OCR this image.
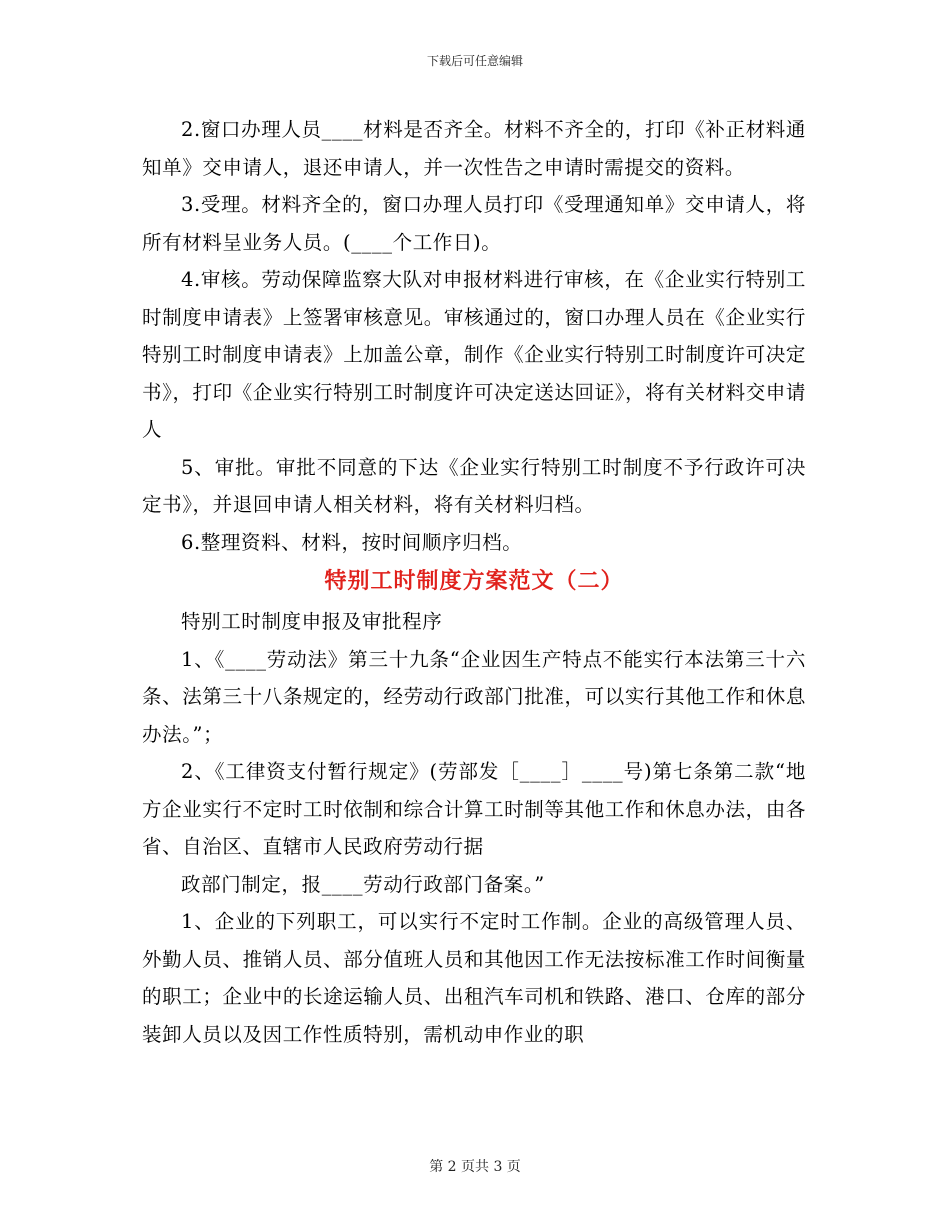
下载后可任意编辑

2.窗口办理人员____材料是否齐全。材料不齐全的，打印《补正材料通知单》交申请人，退还申请人，并一次性告之申请时需提交的资料。

3.受理。材料齐全的，窗口办理人员打印《受理通知单》交申请人，将所有材料呈业务人员。(____个工作日)。

4.审核。劳动保障监察大队对申报材料进行审核，在《企业实行特别工时制度申请表》上签署审核意见。审核通过的，窗口办理人员在《企业实行特别工时制度申请表》上加盖公章，制作《企业实行特别工时制度许可决定书》，打印《企业实行特别工时制度许可决定送达回证》，将有关材料交申请人

5、审批。审批不同意的下达《企业实行特别工时制度不予行政许可决定书》，并退回申请人相关材料，将有关材料归档。

6.整理资料、材料，按时间顺序归档。

特别工时制度方案范文（二）

特别工时制度申报及审批程序

1、《____劳动法》第三十九条“企业因生产特点不能实行本法第三十六条、法第三十八条规定的，经劳动行政部门批准，可以实行其他工作和休息办法。”；

2、《工律资支付暂行规定》(劳部发［____］____号)第七条第二款“地方企业实行不定时工时依制和综合计算工时制等其他工作和休息办法，由各省、自治区、直辖市人民政府劳动行据

政部门制定，报____劳动行政部门备案。”

1、企业的下列职工，可以实行不定时工作制。企业的高级管理人员、外勤人员、推销人员、部分值班人员和其他因工作无法按标准工作时间衡量的职工；企业中的长途运输人员、出租汽车司机和铁路、港口、仓库的部分装卸人员以及因工作性质特别，需机动申作业的职

第 2 页共 3 页
